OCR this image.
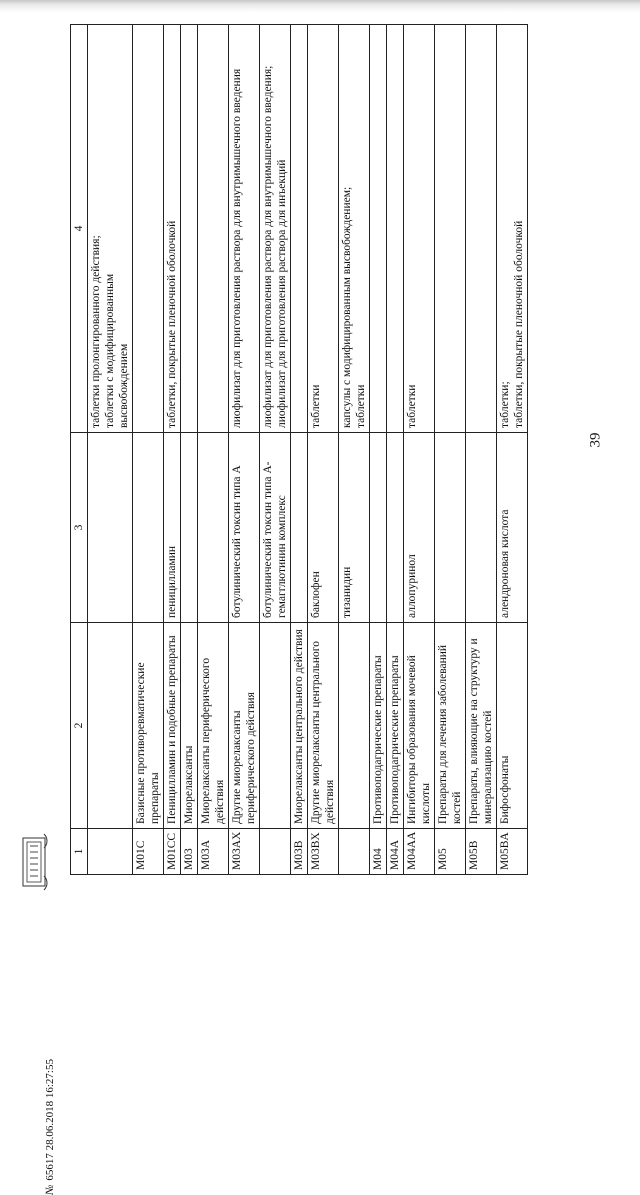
39
1	2	3	4

			таблетки пролонгированного действия; таблетки с модифицированным высвобождением

M01C	Базисные противоревматические препараты		

M01CC	Пеницилламин и подобные препараты	пеницилламин	таблетки, покрытые пленочной оболочкой

M03	Миорелаксанты		

M03A	Миорелаксанты периферического действия		

M03AX	Другие миорелаксанты периферического действия	ботулинический токсин типа А	лиофилизат для приготовления раствора для внутримышечного введения

		ботулинический токсин типа А-гемагглютинин комплекс	лиофилизат для приготовления раствора для внутримышечного введения; лиофилизат для приготовления раствора для инъекций

M03B	Миорелаксанты центрального действия		

M03BX	Другие миорелаксанты центрального действия	баклофен	таблетки

		тизанидин	капсулы с модифицированным высвобождением; таблетки

M04	Противоподагрические препараты		

M04A	Противоподагрические препараты		

M04AA	Ингибиторы образования мочевой кислоты	аллопуринол	таблетки

M05	Препараты для лечения заболеваний костей		

M05B	Препараты, влияющие на структуру и минерализацию костей		

M05BA	Бифосфонаты	алендроновая кислота	таблетки; таблетки, покрытые пленочной оболочкой
№65617 28.06.2018 16:27:55
